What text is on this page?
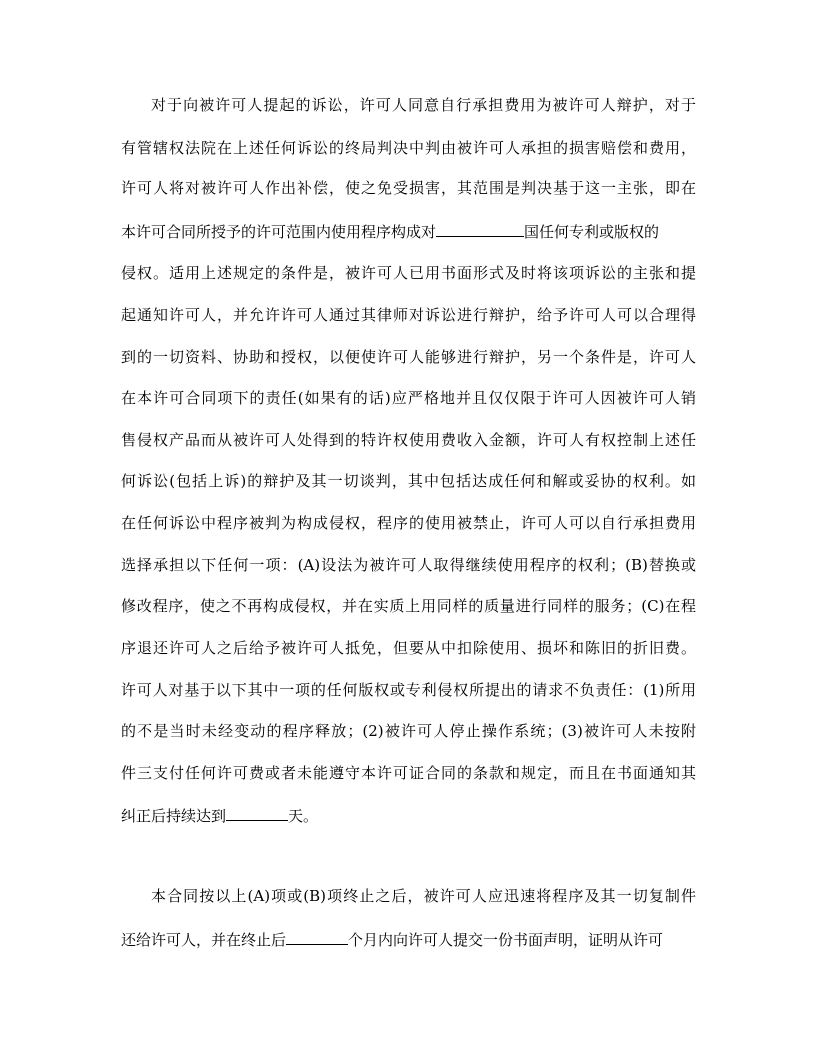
对于向被许可人提起的诉讼，许可人同意自行承担费用为被许可人辩护，对于
有管辖权法院在上述任何诉讼的终局判决中判由被许可人承担的损害赔偿和费用，
许可人将对被许可人作出补偿，使之免受损害，其范围是判决基于这一主张，即在
本许可合同所授予的许可范围内使用程序构成对	国任何专利或版权的
侵权。适用上述规定的条件是，被许可人已用书面形式及时将该项诉讼的主张和提
起通知许可人，并允许许可人通过其律师对诉讼进行辩护，给予许可人可以合理得
到的一切资料、协助和授权，以便使许可人能够进行辩护，另一个条件是，许可人
在本许可合同项下的责任(如果有的话)应严格地并且仅仅限于许可人因被许可人销
售侵权产品而从被许可人处得到的特许权使用费收入金额，许可人有权控制上述任
何诉讼(包括上诉)的辩护及其一切谈判，其中包括达成任何和解或妥协的权利。如
在任何诉讼中程序被判为构成侵权，程序的使用被禁止，许可人可以自行承担费用
选择承担以下任何一项：(A)设法为被许可人取得继续使用程序的权利；(B)替换或
修改程序，使之不再构成侵权，并在实质上用同样的质量进行同样的服务；(C)在程
序退还许可人之后给予被许可人抵免，但要从中扣除使用、损坏和陈旧的折旧费。
许可人对基于以下其中一项的任何版权或专利侵权所提出的请求不负责任：(1)所用
的不是当时未经变动的程序释放；(2)被许可人停止操作系统；(3)被许可人未按附
件三支付任何许可费或者未能遵守本许可证合同的条款和规定，而且在书面通知其
纠正后持续达到	天。
本合同按以上(A)项或(B)项终止之后，被许可人应迅速将程序及其一切复制件
还给许可人，并在终止后	个月内向许可人提交一份书面声明，证明从许可
